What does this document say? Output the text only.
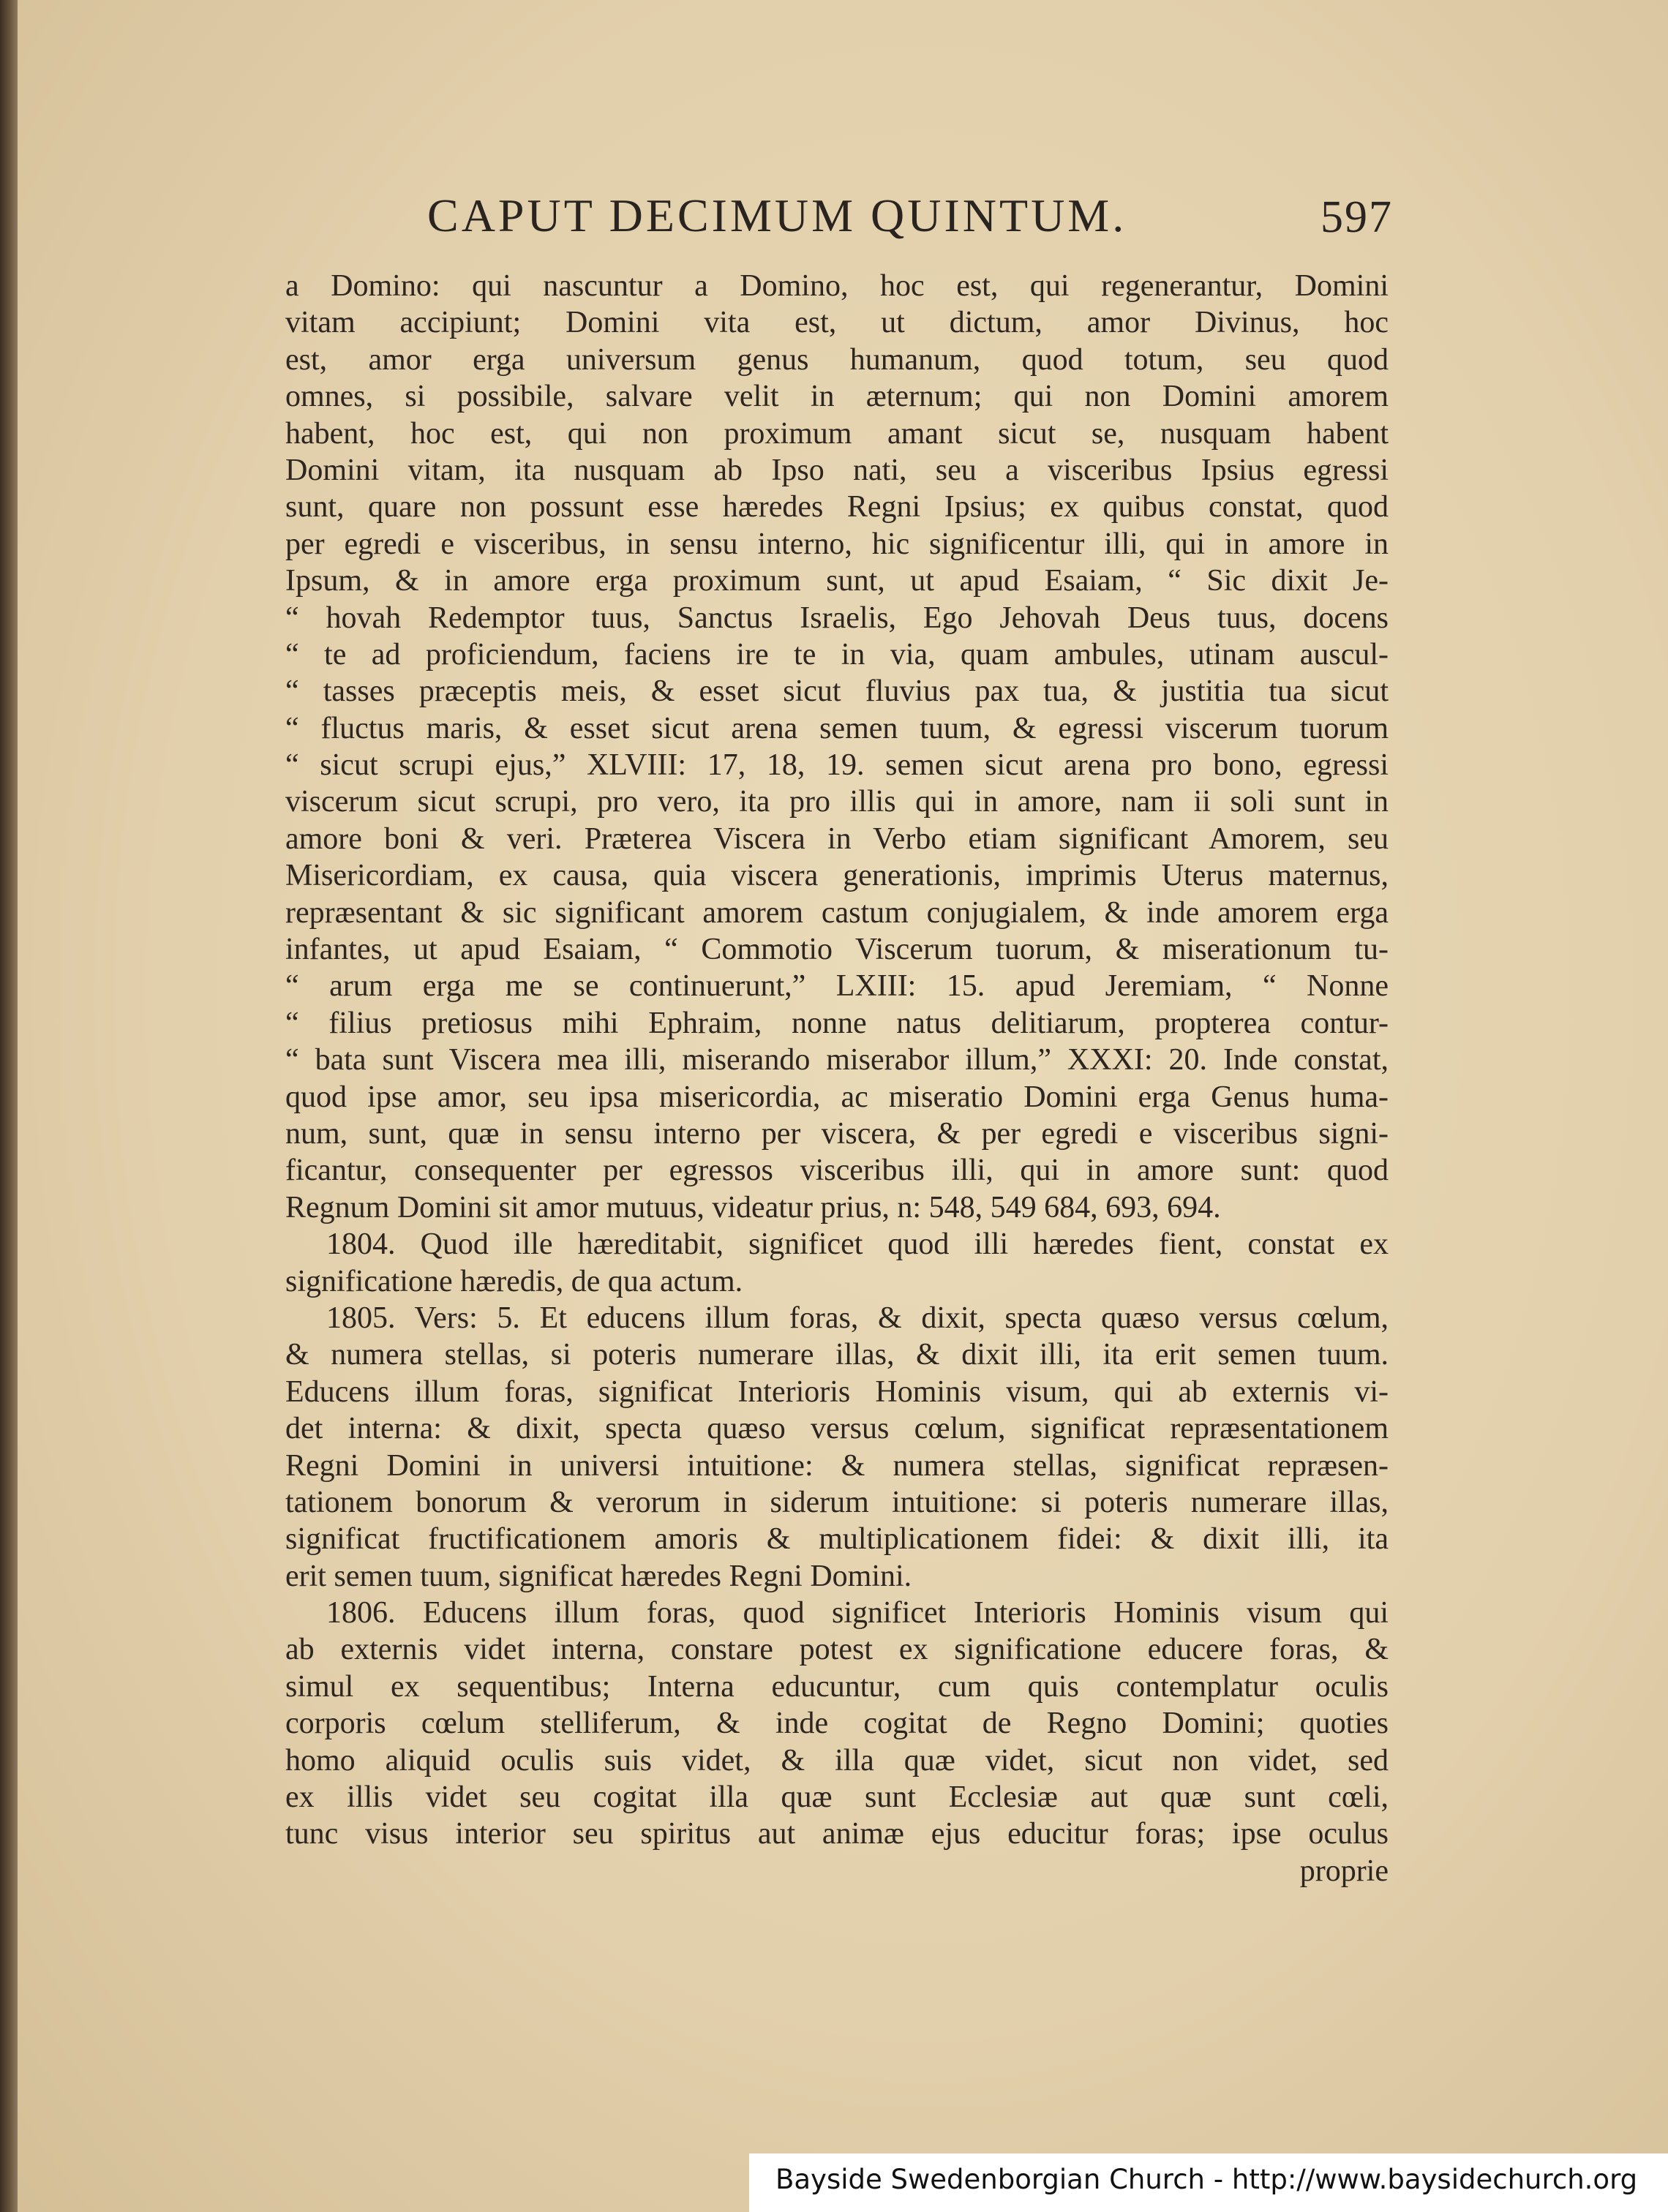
CAPUT DECIMUM QUINTUM.	597
a Domino: qui nascuntur a Domino, hoc est, qui regenerantur, Domini
vitam accipiunt; Domini vita est, ut dictum, amor Divinus, hoc
est, amor erga universum genus humanum, quod totum, seu quod
omnes, si possibile, salvare velit in æternum; qui non Domini amorem
habent, hoc est, qui non proximum amant sicut se, nusquam habent
Domini vitam, ita nusquam ab Ipso nati, seu a visceribus Ipsius egressi
sunt, quare non possunt esse hæredes Regni Ipsius; ex quibus constat, quod
per egredi e visceribus, in sensu interno, hic significentur illi, qui in amore in
Ipsum, & in amore erga proximum sunt, ut apud Esaiam, “ Sic dixit Je-
“ hovah Redemptor tuus, Sanctus Israelis, Ego Jehovah Deus tuus, docens
“ te ad proficiendum, faciens ire te in via, quam ambules, utinam auscul-
“ tasses præceptis meis, & esset sicut fluvius pax tua, & justitia tua sicut
“ fluctus maris, & esset sicut arena semen tuum, & egressi viscerum tuorum
“ sicut scrupi ejus,” XLVIII: 17, 18, 19. semen sicut arena pro bono, egressi
viscerum sicut scrupi, pro vero, ita pro illis qui in amore, nam ii soli sunt in
amore boni & veri. Præterea Viscera in Verbo etiam significant Amorem, seu
Misericordiam, ex causa, quia viscera generationis, imprimis Uterus maternus,
repræsentant & sic significant amorem castum conjugialem, & inde amorem erga
infantes, ut apud Esaiam, “ Commotio Viscerum tuorum, & miserationum tu-
“ arum erga me se continuerunt,” LXIII: 15. apud Jeremiam, “ Nonne
“ filius pretiosus mihi Ephraim, nonne natus delitiarum, propterea contur-
“ bata sunt Viscera mea illi, miserando miserabor illum,” XXXI: 20. Inde constat,
quod ipse amor, seu ipsa misericordia, ac miseratio Domini erga Genus huma-
num, sunt, quæ in sensu interno per viscera, & per egredi e visceribus signi-
ficantur, consequenter per egressos visceribus illi, qui in amore sunt: quod
Regnum Domini sit amor mutuus, videatur prius, n: 548, 549 684, 693, 694.
1804. Quod ille hæreditabit, significet quod illi hæredes fient, constat ex
significatione hæredis, de qua actum.
1805. Vers: 5. Et educens illum foras, & dixit, specta quæso versus cœlum,
& numera stellas, si poteris numerare illas, & dixit illi, ita erit semen tuum.
Educens illum foras, significat Interioris Hominis visum, qui ab externis vi-
det interna: & dixit, specta quæso versus cœlum, significat repræsentationem
Regni Domini in universi intuitione: & numera stellas, significat repræsen-
tationem bonorum & verorum in siderum intuitione: si poteris numerare illas,
significat fructificationem amoris & multiplicationem fidei: & dixit illi, ita
erit semen tuum, significat hæredes Regni Domini.
1806. Educens illum foras, quod significet Interioris Hominis visum qui
ab externis videt interna, constare potest ex significatione educere foras, &
simul ex sequentibus; Interna educuntur, cum quis contemplatur oculis
corporis cœlum stelliferum, & inde cogitat de Regno Domini; quoties
homo aliquid oculis suis videt, & illa quæ videt, sicut non videt, sed
ex illis videt seu cogitat illa quæ sunt Ecclesiæ aut quæ sunt cœli,
tunc visus interior seu spiritus aut animæ ejus educitur foras; ipse oculus
proprie
Bayside Swedenborgian Church - http://www.baysidechurch.org
